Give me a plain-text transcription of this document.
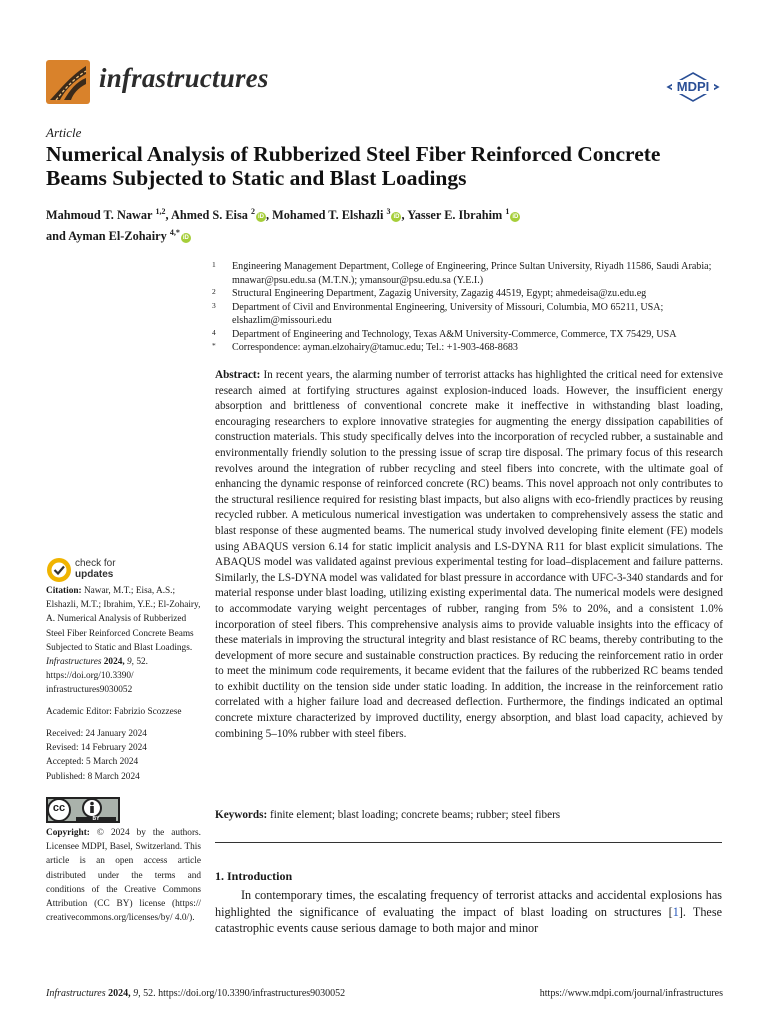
infrastructures	MDPI
Article
Numerical Analysis of Rubberized Steel Fiber Reinforced Concrete Beams Subjected to Static and Blast Loadings
Mahmoud T. Nawar $^{1,2}$, Ahmed S. Eisa $^2$iD , Mohamed T. Elshazli $^3$iD , Yasser E. Ibrahim $^1$iD
and Ayman El-Zohairy $^{4,*}$iD
1 Engineering Management Department, College of Engineering, Prince Sultan University, Riyadh 11586, Saudi Arabia; mnawar@psu.edu.sa (M.T.N.); ymansour@psu.edu.sa (Y.E.I.)
2 Structural Engineering Department, Zagazig University, Zagazig 44519, Egypt; ahmedeisa@zu.edu.eg
3 Department of Civil and Environmental Engineering, University of Missouri, Columbia, MO 65211, USA; elshazlim@missouri.edu
4 Department of Engineering and Technology, Texas A&M University-Commerce, Commerce, TX 75429, USA
* Correspondence: ayman.elzohairy@tamuc.edu; Tel.: +1-903-468-8683
Abstract: In recent years, the alarming number of terrorist attacks has highlighted the critical need for extensive research aimed at fortifying structures against explosion-induced loads. However, the insufficient energy absorption and brittleness of conventional concrete make it ineffective in withstanding blast loading, encouraging researchers to explore innovative strategies for augmenting the energy dissipation capabilities of construction materials. This study specifically delves into the incorporation of recycled rubber, a sustainable and environmentally friendly solution to the pressing issue of scrap tire disposal. The primary focus of this research revolves around the integration of rubber recycling and steel fibers into concrete, with the ultimate goal of enhancing the dynamic response of reinforced concrete (RC) beams. This novel approach not only contributes to the structural resilience required for resisting blast impacts, but also aligns with eco-friendly practices by reusing recycled rubber. A meticulous numerical investigation was undertaken to comprehensively assess the static and blast response of these augmented beams. The numerical study involved developing finite element (FE) models using ABAQUS version 6.14 for static implicit analysis and LS-DYNA R11 for blast explicit simulations. The ABAQUS model was validated against previous experimental testing for load–displacement and failure patterns. Similarly, the LS-DYNA model was validated for blast pressure in accordance with UFC-3-340 standards and for material response under blast loading, utilizing existing experimental data. The numerical models were designed to accommodate varying weight percentages of rubber, ranging from 5% to 20%, and a consistent 1.0% incorporation of steel fibers. This comprehensive analysis aims to provide valuable insights into the efficacy of these materials in improving the structural integrity and blast resistance of RC beams, thereby contributing to the development of more secure and sustainable construction practices. By reducing the reinforcement ratio in order to meet the minimum code requirements, it became evident that the failures of the rubberized RC beams tended to exhibit ductility on the tension side under static loading. In addition, the increase in the reinforcement ratio correlated with a higher failure load and decreased deflection. Furthermore, the findings indicated an optimal concrete mixture characterized by improved ductility, energy absorption, and blast load capacity, achieved by combining 5–10% rubber with steel fibers.
Keywords: finite element; blast loading; concrete beams; rubber; steel fibers
1. Introduction
In contemporary times, the escalating frequency of terrorist attacks and accidental explosions has highlighted the significance of evaluating the impact of blast loading on structures [1]. These catastrophic events cause serious damage to both major and minor
check for
updates
Citation: Nawar, M.T.; Eisa, A.S.; Elshazli, M.T.; Ibrahim, Y.E.; El-Zohairy, A. Numerical Analysis of Rubberized Steel Fiber Reinforced Concrete Beams Subjected to Static and Blast Loadings. Infrastructures 2024, 9, 52. https://doi.org/10.3390/ infrastructures9030052
Academic Editor: Fabrizio Scozzese
Received: 24 January 2024
Revised: 14 February 2024
Accepted: 5 March 2024
Published: 8 March 2024
cc
BY
Copyright: © 2024 by the authors. Licensee MDPI, Basel, Switzerland. This article is an open access article distributed under the terms and conditions of the Creative Commons Attribution (CC BY) license (https:// creativecommons.org/licenses/by/ 4.0/).
Infrastructures 2024, 9, 52. https://doi.org/10.3390/infrastructures9030052	https://www.mdpi.com/journal/infrastructures
